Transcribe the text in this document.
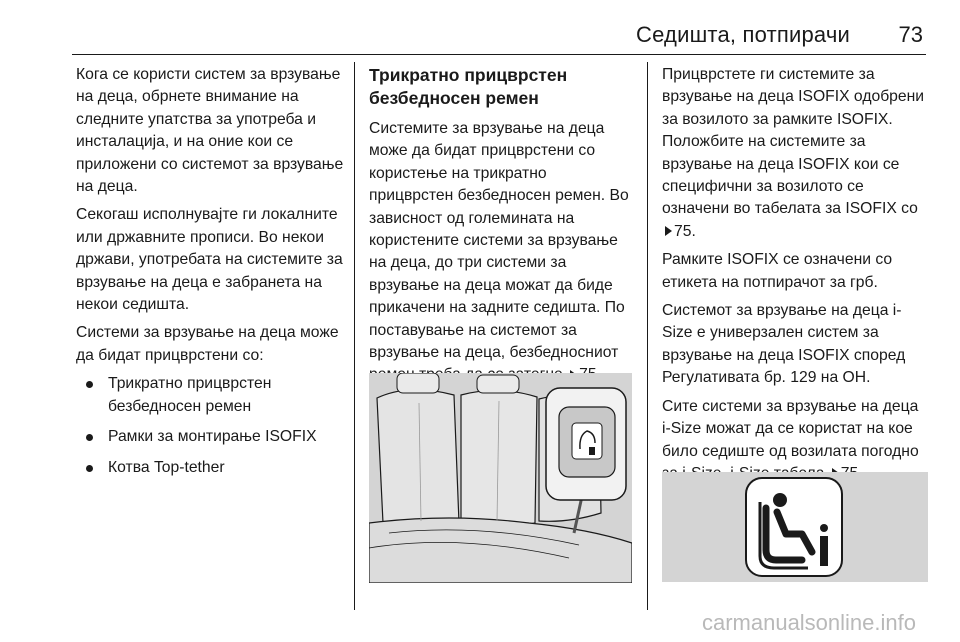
Седишта, потпирачи 73

Кога се користи систем за врзување на деца, обрнете внимание на следните упатства за употреба и инсталација, и на оние кои се приложени со системот за врзување на деца.

Секогаш исполнувајте ги локалните или државните прописи. Во некои држави, употребата на системите за врзување на деца е забранета на некои седишта.

Системи за врзување на деца може да бидат прицврстени со:

Трикратно прицврстен безбедносен ремен
Рамки за монтирање ISOFIX
Котва Top-tether
Трикратно прицврстен безбедносен ремен

Системите за врзување на деца може да бидат прицврстени со користење на трикратно прицврстен безбедносен ремен. Во зависност од големината на користените системи за врзување на деца, до три системи за врзување на деца можат да биде прикачени на задните седишта. По поставување на системот за врзување на деца, безбедносниот

Прицврстете ги системите за врзување на деца ISOFIX одобрени за возилото за рамките ISOFIX. Положбите на системите за врзување на деца ISOFIX кои се специфични за возилото се означени во табелата за ISOFIX со 75.

Рамките ISOFIX се означени со етикета на потпирачот за грб.

Системот за врзување на деца i-Size е универзален систем за врзување на деца ISOFIX според Регулативата бр. 129 на ОН.

Сите системи за врзување на деца i-Size можат да се користат на кое било седиште од возилата погодно

carmanualsonline.info
